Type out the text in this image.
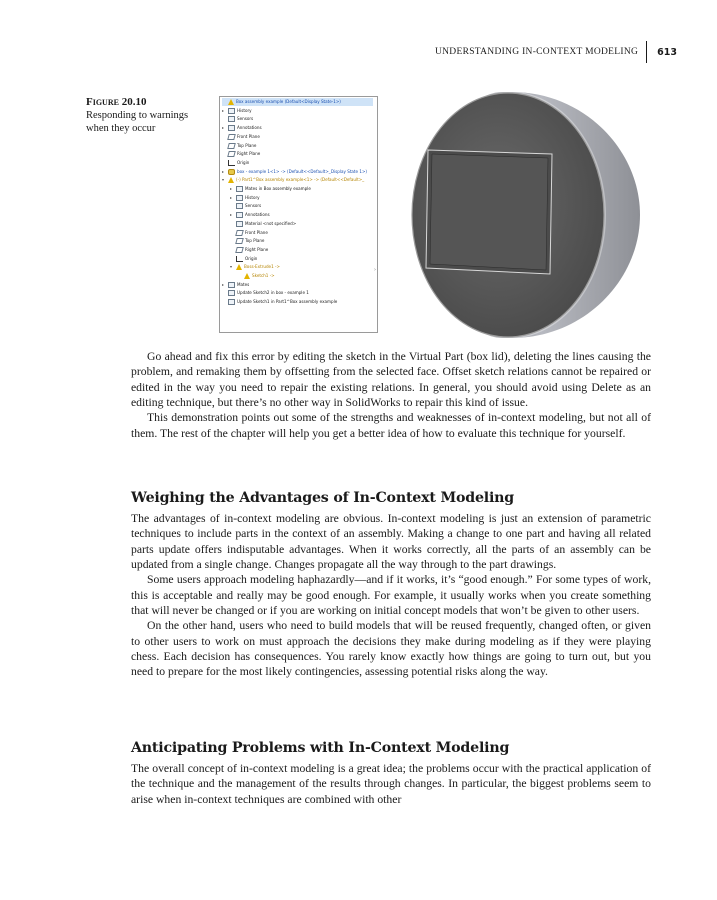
UNDERSTANDING IN-CONTEXT MODELING 613
Figure 20.10
Responding to warnings when they occur
›
Box assembly example (Default<Display State-1>)
▸	History
Sensors
▸	Annotations
Front Plane
Top Plane
Right Plane
Origin
▸	box - example 1<1> -> (Default<<Default>_Display State 1>)
▾	(-) Part1^Box assembly example<1> -> (Default<<Default>_
▸	Mates in Box assembly example
▸	History
Sensors
▸	Annotations
Material <not specified>
Front Plane
Top Plane
Right Plane
Origin
▾	Boss-Extrude1 ->
Sketch1 ->
▸	Mates
Update Sketch2 in box - example 1
Update Sketch1 in Part1^Box assembly example

Go ahead and fix this error by editing the sketch in the Virtual Part (box lid), deleting the lines causing the problem, and remaking them by offsetting from the selected face. Offset sketch relations cannot be repaired or edited in the way you need to repair the existing relations. In general, you should avoid using Delete as an editing technique, but there’s no other way in SolidWorks to repair this kind of issue.

This demonstration points out some of the strengths and weaknesses of in-context modeling, but not all of them. The rest of the chapter will help you get a better idea of how to evaluate this technique for yourself.

Weighing the Advantages of In-Context Modeling

The advantages of in-context modeling are obvious. In-context modeling is just an extension of parametric techniques to include parts in the context of an assembly. Making a change to one part and having all related parts update offers indisputable advantages. When it works correctly, all the parts of an assembly can be updated from a single change. Changes propagate all the way through to the part drawings.

Some users approach modeling haphazardly—and if it works, it’s “good enough.” For some types of work, this is acceptable and really may be good enough. For example, it usually works when you create something that will never be changed or if you are working on initial concept models that won’t be given to other users.

On the other hand, users who need to build models that will be reused frequently, changed often, or given to other users to work on must approach the decisions they make during modeling as if they were playing chess. Each decision has consequences. You rarely know exactly how things are going to turn out, but you need to prepare for the most likely contingencies, assessing potential risks along the way.

Anticipating Problems with In-Context Modeling

The overall concept of in-context modeling is a great idea; the problems occur with the practical application of the technique and the management of the results through changes. In particular, the biggest problems seem to arise when in-context techniques are combined with other
